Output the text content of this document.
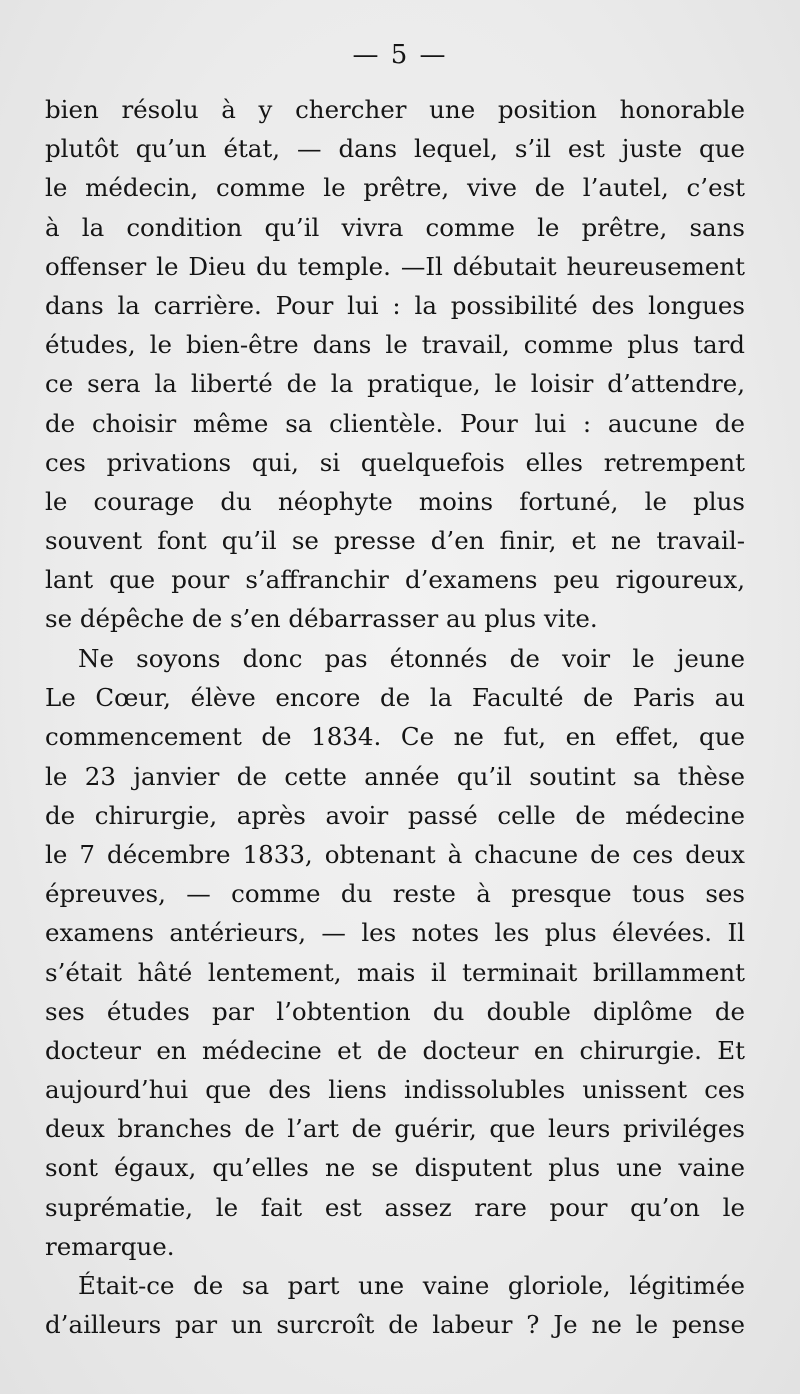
— 5 —
bien résolu à y chercher une position honorable
plutôt qu’un état, — dans lequel, s’il est juste que
le médecin, comme le prêtre, vive de l’autel, c’est
à la condition qu’il vivra comme le prêtre, sans
offenser le Dieu du temple. —Il débutait heureusement
dans la carrière. Pour lui : la possibilité des longues
études, le bien-être dans le travail, comme plus tard
ce sera la liberté de la pratique, le loisir d’attendre,
de choisir même sa clientèle. Pour lui : aucune de
ces privations qui, si quelquefois elles retrempent
le courage du néophyte moins fortuné, le plus
souvent font qu’il se presse d’en finir, et ne travail-
lant que pour s’affranchir d’examens peu rigoureux,
se dépêche de s’en débarrasser au plus vite.
Ne soyons donc pas étonnés de voir le jeune
Le Cœur, élève encore de la Faculté de Paris au
commencement de 1834. Ce ne fut, en effet, que
le 23 janvier de cette année qu’il soutint sa thèse
de chirurgie, après avoir passé celle de médecine
le 7 décembre 1833, obtenant à chacune de ces deux
épreuves, — comme du reste à presque tous ses
examens antérieurs, — les notes les plus élevées. Il
s’était hâté lentement, mais il terminait brillamment
ses études par l’obtention du double diplôme de
docteur en médecine et de docteur en chirurgie. Et
aujourd’hui que des liens indissolubles unissent ces
deux branches de l’art de guérir, que leurs priviléges
sont égaux, qu’elles ne se disputent plus une vaine
suprématie, le fait est assez rare pour qu’on le
remarque.
Était-ce de sa part une vaine gloriole, légitimée
d’ailleurs par un surcroît de labeur ? Je ne le pense
